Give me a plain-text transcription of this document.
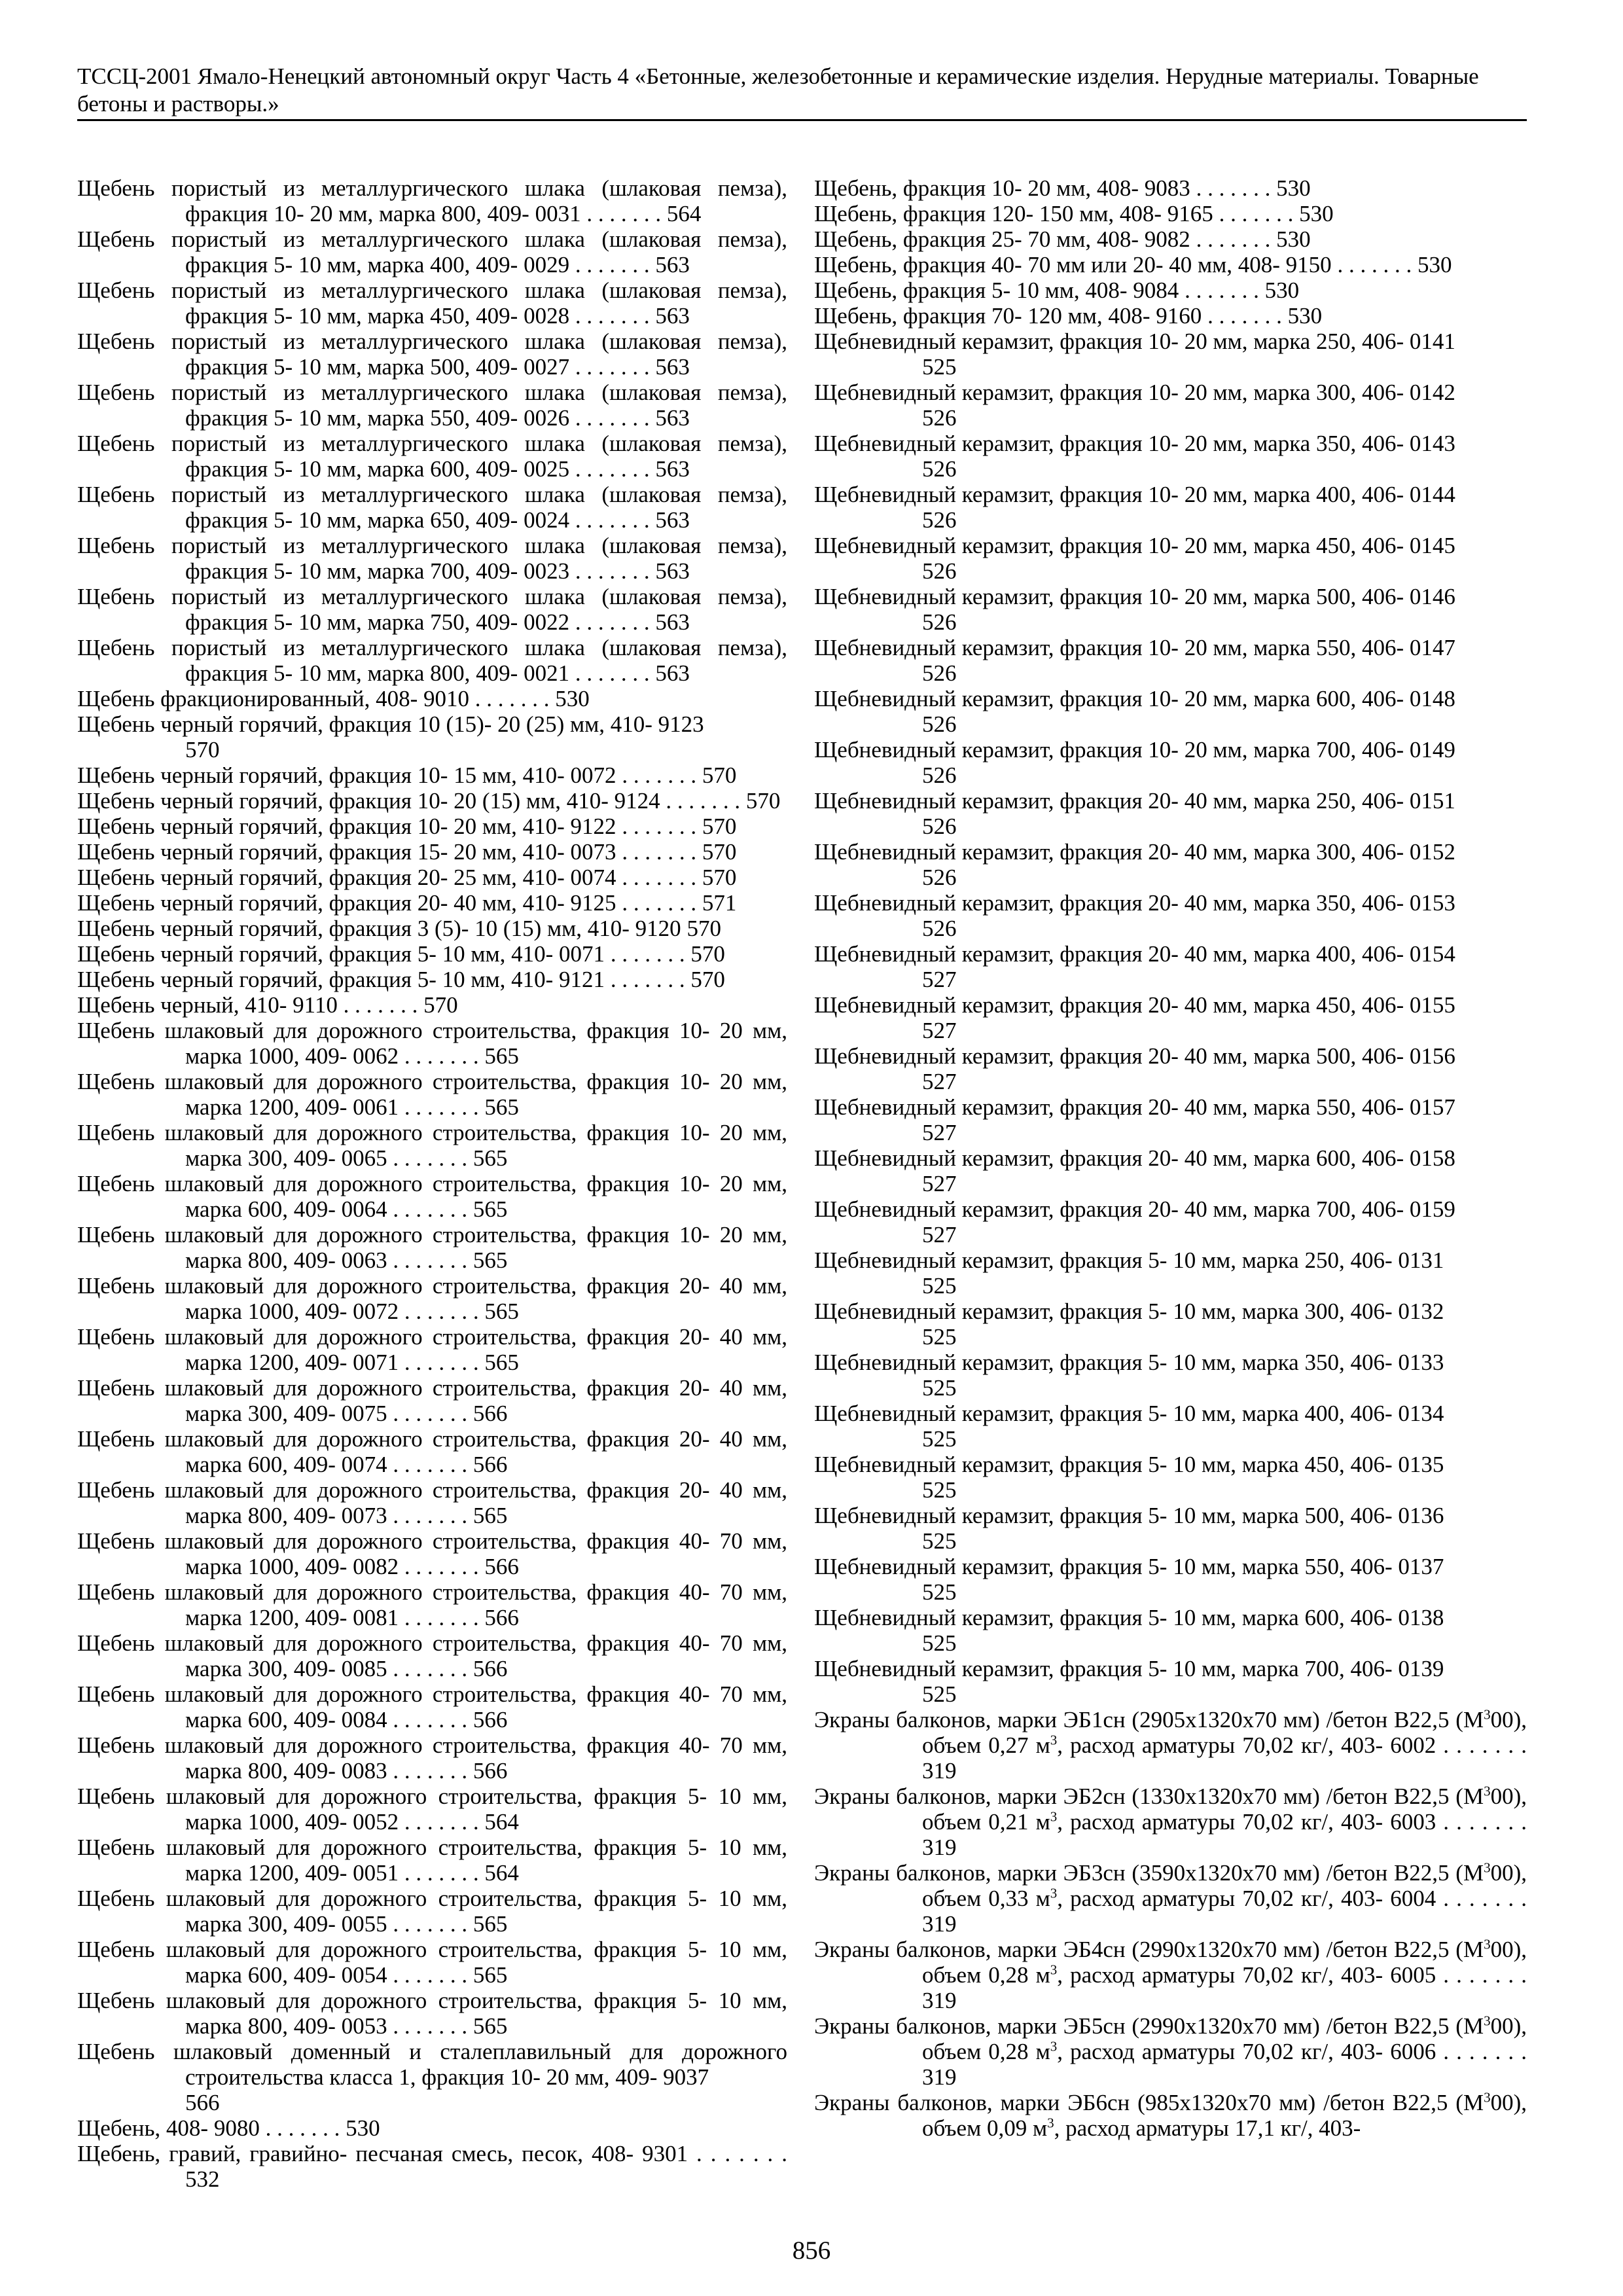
ТССЦ-2001 Ямало-Ненецкий автономный округ Часть 4 «Бетонные, железобетонные и керамические изделия. Нерудные материалы. Товарные бетоны и растворы.»

Щебень пористый из металлургического шлака (шлаковая пемза), фракция 10- 20 мм, марка 800, 409- 0031 . . . . . . . 564

Щебень пористый из металлургического шлака (шлаковая пемза), фракция 5- 10 мм, марка 400, 409- 0029 . . . . . . . 563

Щебень пористый из металлургического шлака (шлаковая пемза), фракция 5- 10 мм, марка 450, 409- 0028 . . . . . . . 563

Щебень пористый из металлургического шлака (шлаковая пемза), фракция 5- 10 мм, марка 500, 409- 0027 . . . . . . . 563

Щебень пористый из металлургического шлака (шлаковая пемза), фракция 5- 10 мм, марка 550, 409- 0026 . . . . . . . 563

Щебень пористый из металлургического шлака (шлаковая пемза), фракция 5- 10 мм, марка 600, 409- 0025 . . . . . . . 563

Щебень пористый из металлургического шлака (шлаковая пемза), фракция 5- 10 мм, марка 650, 409- 0024 . . . . . . . 563

Щебень пористый из металлургического шлака (шлаковая пемза), фракция 5- 10 мм, марка 700, 409- 0023 . . . . . . . 563

Щебень пористый из металлургического шлака (шлаковая пемза), фракция 5- 10 мм, марка 750, 409- 0022 . . . . . . . 563

Щебень пористый из металлургического шлака (шлаковая пемза), фракция 5- 10 мм, марка 800, 409- 0021 . . . . . . . 563

Щебень фракционированный, 408- 9010 . . . . . . . 530

Щебень черный горячий, фракция 10 (15)- 20 (25) мм, 410- 9123
570

Щебень черный горячий, фракция 10- 15 мм, 410- 0072 . . . . . . . 570

Щебень черный горячий, фракция 10- 20 (15) мм, 410- 9124 . . . . . . . 570

Щебень черный горячий, фракция 10- 20 мм, 410- 9122 . . . . . . . 570

Щебень черный горячий, фракция 15- 20 мм, 410- 0073 . . . . . . . 570

Щебень черный горячий, фракция 20- 25 мм, 410- 0074 . . . . . . . 570

Щебень черный горячий, фракция 20- 40 мм, 410- 9125 . . . . . . . 571

Щебень черный горячий, фракция 3 (5)- 10 (15) мм, 410- 9120 570

Щебень черный горячий, фракция 5- 10 мм, 410- 0071 . . . . . . . 570

Щебень черный горячий, фракция 5- 10 мм, 410- 9121 . . . . . . . 570

Щебень черный, 410- 9110 . . . . . . . 570

Щебень шлаковый для дорожного строительства, фракция 10- 20 мм, марка 1000, 409- 0062 . . . . . . . 565

Щебень шлаковый для дорожного строительства, фракция 10- 20 мм, марка 1200, 409- 0061 . . . . . . . 565

Щебень шлаковый для дорожного строительства, фракция 10- 20 мм, марка 300, 409- 0065 . . . . . . . 565

Щебень шлаковый для дорожного строительства, фракция 10- 20 мм, марка 600, 409- 0064 . . . . . . . 565

Щебень шлаковый для дорожного строительства, фракция 10- 20 мм, марка 800, 409- 0063 . . . . . . . 565

Щебень шлаковый для дорожного строительства, фракция 20- 40 мм, марка 1000, 409- 0072 . . . . . . . 565

Щебень шлаковый для дорожного строительства, фракция 20- 40 мм, марка 1200, 409- 0071 . . . . . . . 565

Щебень шлаковый для дорожного строительства, фракция 20- 40 мм, марка 300, 409- 0075 . . . . . . . 566

Щебень шлаковый для дорожного строительства, фракция 20- 40 мм, марка 600, 409- 0074 . . . . . . . 566

Щебень шлаковый для дорожного строительства, фракция 20- 40 мм, марка 800, 409- 0073 . . . . . . . 565

Щебень шлаковый для дорожного строительства, фракция 40- 70 мм, марка 1000, 409- 0082 . . . . . . . 566

Щебень шлаковый для дорожного строительства, фракция 40- 70 мм, марка 1200, 409- 0081 . . . . . . . 566

Щебень шлаковый для дорожного строительства, фракция 40- 70 мм, марка 300, 409- 0085 . . . . . . . 566

Щебень шлаковый для дорожного строительства, фракция 40- 70 мм, марка 600, 409- 0084 . . . . . . . 566

Щебень шлаковый для дорожного строительства, фракция 40- 70 мм, марка 800, 409- 0083 . . . . . . . 566

Щебень шлаковый для дорожного строительства, фракция 5- 10 мм, марка 1000, 409- 0052 . . . . . . . 564

Щебень шлаковый для дорожного строительства, фракция 5- 10 мм, марка 1200, 409- 0051 . . . . . . . 564

Щебень шлаковый для дорожного строительства, фракция 5- 10 мм, марка 300, 409- 0055 . . . . . . . 565

Щебень шлаковый для дорожного строительства, фракция 5- 10 мм, марка 600, 409- 0054 . . . . . . . 565

Щебень шлаковый для дорожного строительства, фракция 5- 10 мм, марка 800, 409- 0053 . . . . . . . 565

Щебень шлаковый доменный и сталеплавильный для дорожного строительства класса 1, фракция 10- 20 мм, 409- 9037
566

Щебень, 408- 9080 . . . . . . . 530

Щебень, гравий, гравийно- песчаная смесь, песок, 408- 9301 . . . . . . . 532

Щебень, фракция 10- 20 мм, 408- 9083 . . . . . . . 530

Щебень, фракция 120- 150 мм, 408- 9165 . . . . . . . 530

Щебень, фракция 25- 70 мм, 408- 9082 . . . . . . . 530

Щебень, фракция 40- 70 мм или 20- 40 мм, 408- 9150 . . . . . . . 530

Щебень, фракция 5- 10 мм, 408- 9084 . . . . . . . 530

Щебень, фракция 70- 120 мм, 408- 9160 . . . . . . . 530

Щебневидный керамзит, фракция 10- 20 мм, марка 250, 406- 0141
525

Щебневидный керамзит, фракция 10- 20 мм, марка 300, 406- 0142
526

Щебневидный керамзит, фракция 10- 20 мм, марка 350, 406- 0143
526

Щебневидный керамзит, фракция 10- 20 мм, марка 400, 406- 0144
526

Щебневидный керамзит, фракция 10- 20 мм, марка 450, 406- 0145
526

Щебневидный керамзит, фракция 10- 20 мм, марка 500, 406- 0146
526

Щебневидный керамзит, фракция 10- 20 мм, марка 550, 406- 0147
526

Щебневидный керамзит, фракция 10- 20 мм, марка 600, 406- 0148
526

Щебневидный керамзит, фракция 10- 20 мм, марка 700, 406- 0149
526

Щебневидный керамзит, фракция 20- 40 мм, марка 250, 406- 0151
526

Щебневидный керамзит, фракция 20- 40 мм, марка 300, 406- 0152
526

Щебневидный керамзит, фракция 20- 40 мм, марка 350, 406- 0153
526

Щебневидный керамзит, фракция 20- 40 мм, марка 400, 406- 0154
527

Щебневидный керамзит, фракция 20- 40 мм, марка 450, 406- 0155
527

Щебневидный керамзит, фракция 20- 40 мм, марка 500, 406- 0156
527

Щебневидный керамзит, фракция 20- 40 мм, марка 550, 406- 0157
527

Щебневидный керамзит, фракция 20- 40 мм, марка 600, 406- 0158
527

Щебневидный керамзит, фракция 20- 40 мм, марка 700, 406- 0159
527

Щебневидный керамзит, фракция 5- 10 мм, марка 250, 406- 0131
525

Щебневидный керамзит, фракция 5- 10 мм, марка 300, 406- 0132
525

Щебневидный керамзит, фракция 5- 10 мм, марка 350, 406- 0133
525

Щебневидный керамзит, фракция 5- 10 мм, марка 400, 406- 0134
525

Щебневидный керамзит, фракция 5- 10 мм, марка 450, 406- 0135
525

Щебневидный керамзит, фракция 5- 10 мм, марка 500, 406- 0136
525

Щебневидный керамзит, фракция 5- 10 мм, марка 550, 406- 0137
525

Щебневидный керамзит, фракция 5- 10 мм, марка 600, 406- 0138
525

Щебневидный керамзит, фракция 5- 10 мм, марка 700, 406- 0139
525

Экраны балконов, марки ЭБ1сн (2905х1320х70 мм) /бетон В22,5 $(М^300)$, объем 0,27 $м^3$, расход арматуры 70,02 кг/, 403- 6002 . . . . . . . 319

Экраны балконов, марки ЭБ2сн (1330х1320х70 мм) /бетон В22,5 $(М^300)$, объем 0,21 $м^3$, расход арматуры 70,02 кг/, 403- 6003 . . . . . . . 319

Экраны балконов, марки ЭБ3сн (3590х1320х70 мм) /бетон В22,5 $(М^300)$, объем 0,33 $м^3$, расход арматуры 70,02 кг/, 403- 6004 . . . . . . . 319

Экраны балконов, марки ЭБ4сн (2990х1320х70 мм) /бетон В22,5 $(М^300)$, объем 0,28 $м^3$, расход арматуры 70,02 кг/, 403- 6005 . . . . . . . 319

Экраны балконов, марки ЭБ5сн (2990х1320х70 мм) /бетон В22,5 $(М^300)$, объем 0,28 $м^3$, расход арматуры 70,02 кг/, 403- 6006 . . . . . . . 319

Экраны балконов, марки ЭБ6сн (985х1320х70 мм) /бетон В22,5 $(М^300)$, объем 0,09 $м^3$, расход арматуры 17,1 кг/, 403-

856
